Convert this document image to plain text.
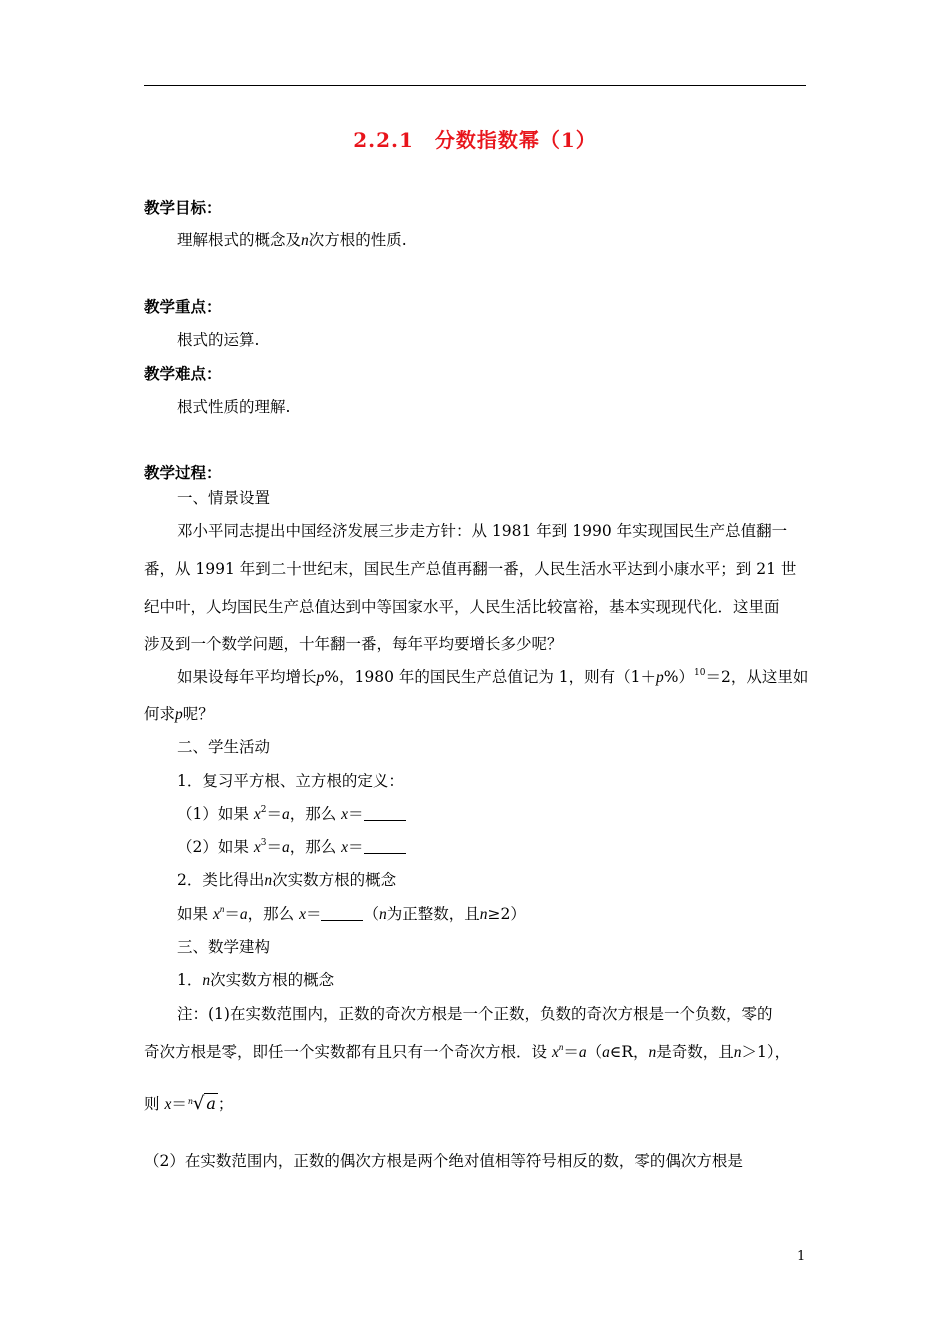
2.2.1　分数指数幂（1）
教学目标：
理解根式的概念及n次方根的性质.
教学重点：
根式的运算.
教学难点：
根式性质的理解.
教学过程：
一、情景设置
邓小平同志提出中国经济发展三步走方针：从 1981 年到 1990 年实现国民生产总值翻一
番，从 1991 年到二十世纪末，国民生产总值再翻一番，人民生活水平达到小康水平；到 21 世
纪中叶，人均国民生产总值达到中等国家水平，人民生活比较富裕，基本实现现代化．这里面
涉及到一个数学问题，十年翻一番，每年平均要增长多少呢？
如果设每年平均增长p%，1980 年的国民生产总值记为 1，则有$(1+p\%)^{10}=2$，从这里如
何求p呢？
二、学生活动
1．复习平方根、立方根的定义：
（1）如果 $x^2=a$，那么 x＝
（2）如果 $x^3=a$，那么 x＝
2．类比得出n次实数方根的概念
如果 $x^n=a$，那么 x＝	（n为正整数，且n≥2）
三、数学建构
1．n次实数方根的概念
注：(1)在实数范围内，正数的奇次方根是一个正数，负数的奇次方根是一个负数，零的
奇次方根是零，即任一个实数都有且只有一个奇次方根．设 $x^n=a(a\in R$，n是奇数，且n＞1），
则 x＝ n √ a ；
（2）在实数范围内，正数的偶次方根是两个绝对值相等符号相反的数，零的偶次方根是
1
